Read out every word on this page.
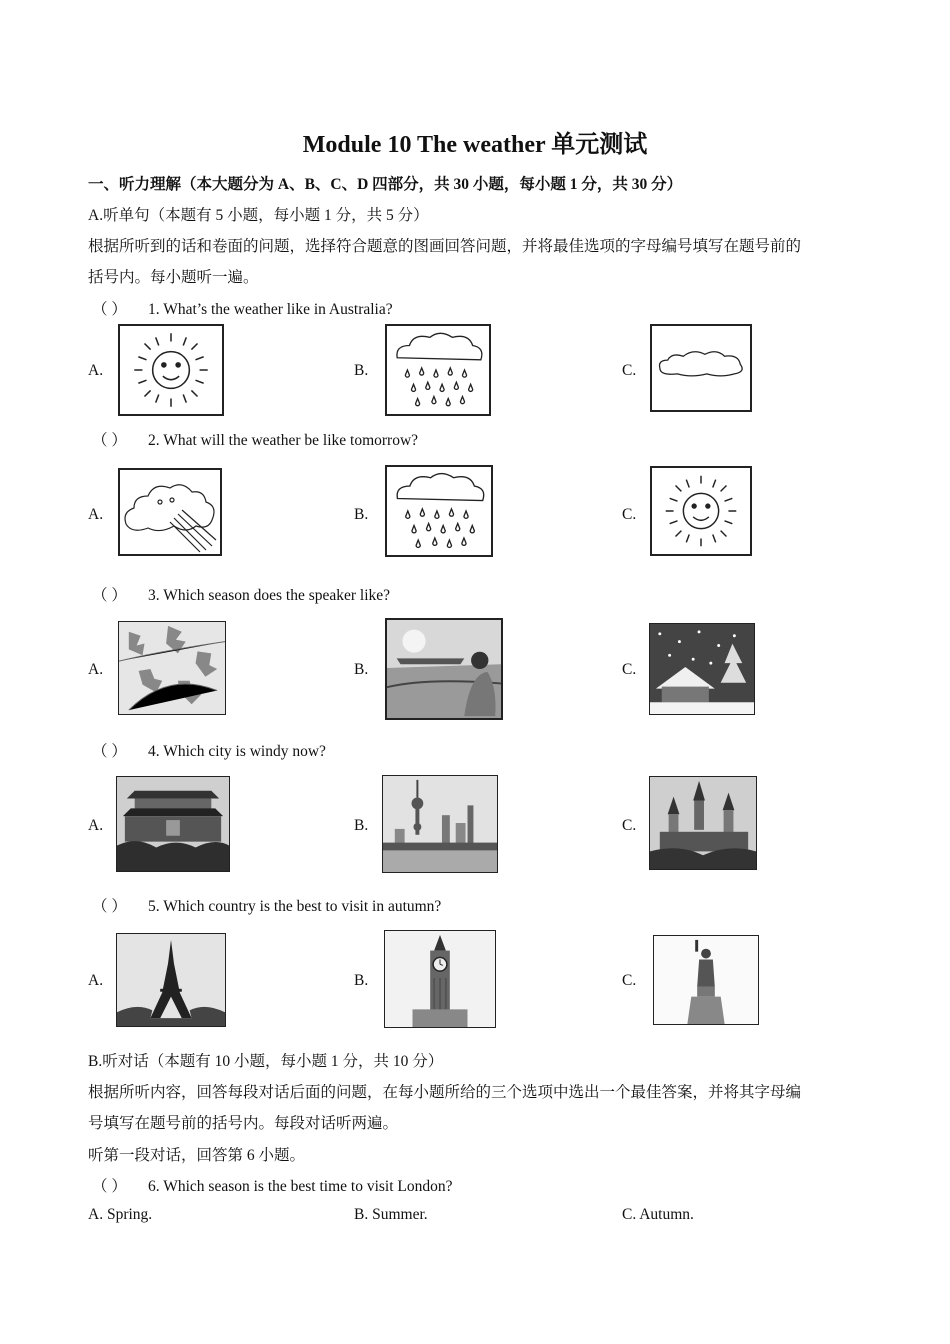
Module 10 The weather 单元测试
一、听力理解（本大题分为 A、B、C、D 四部分，共 30 小题，每小题 1 分，共 30 分）
A.听单句（本题有 5 小题，每小题 1 分，共 5 分）
根据所听到的话和卷面的问题，选择符合题意的图画回答问题，并将最佳选项的字母编号填写在题号前的
括号内。每小题听一遍。
（ ） 1. What’s the weather like in Australia?
A.	B.	C.
（ ） 2. What will the weather be like tomorrow?
A.	B.	C.
（ ） 3. Which season does the speaker like?
A.	B.	C.
（ ） 4. Which city is windy now?
A.	B.	C.
（ ） 5. Which country is the best to visit in autumn?
A.	B.	C.
B.听对话（本题有 10 小题，每小题 1 分，共 10 分）
根据所听内容，回答每段对话后面的问题，在每小题所给的三个选项中选出一个最佳答案，并将其字母编
号填写在题号前的括号内。每段对话听两遍。
听第一段对话，回答第 6 小题。
（ ） 6. Which season is the best time to visit London?
A. Spring.	B. Summer.	C. Autumn.
